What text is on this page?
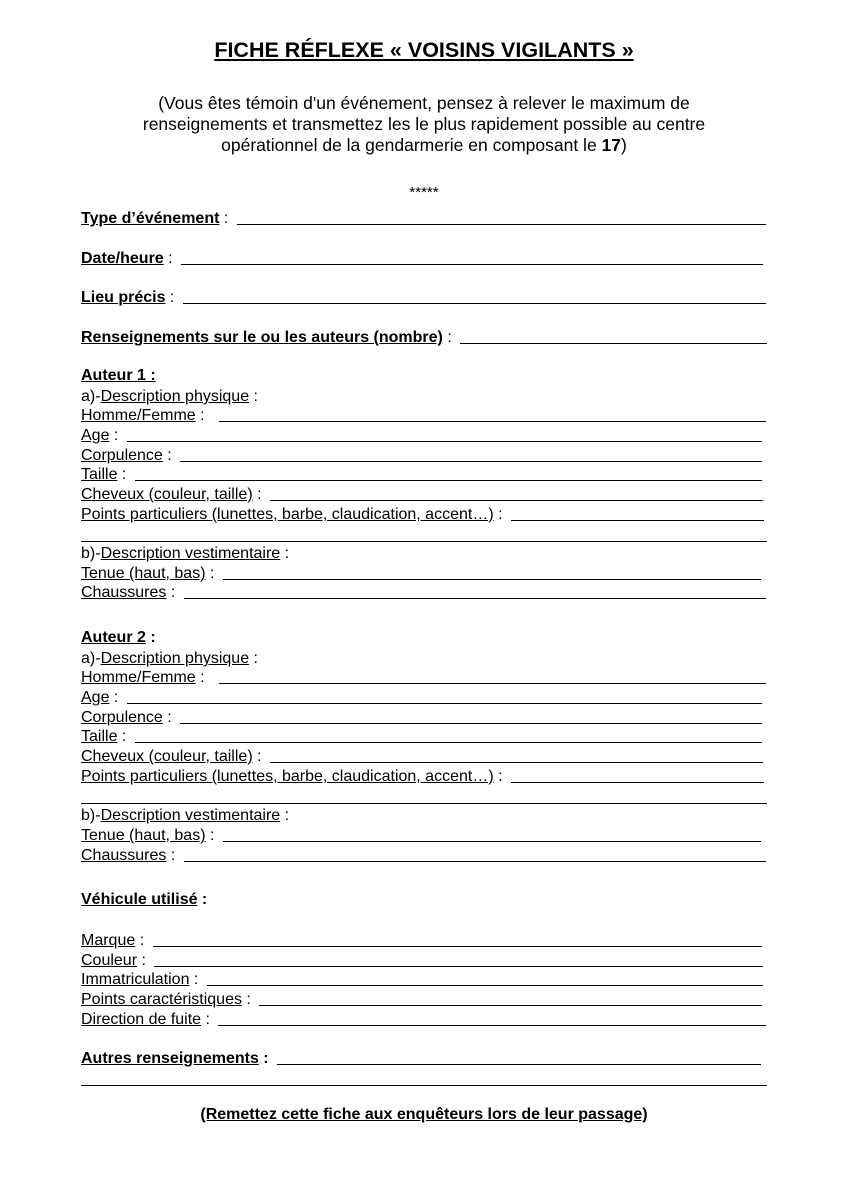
FICHE RÉFLEXE « VOISINS VIGILANTS »
(Vous êtes témoin d'un événement, pensez à relever le maximum de renseignements et transmettez les le plus rapidement possible au centre opérationnel de la gendarmerie en composant le 17)
*****
Type d’événement :
Date/heure :
Lieu précis :
Renseignements sur le ou les auteurs (nombre) :
Auteur 1 :
a)- Description physique :
Homme/Femme :
Age :
Corpulence :
Taille :
Cheveux (couleur, taille) :
Points particuliers (lunettes, barbe, claudication, accent…) :
b)- Description vestimentaire :
Tenue (haut, bas) :
Chaussures :
Auteur 2 :
a)- Description physique :
Homme/Femme :
Age :
Corpulence :
Taille :
Cheveux (couleur, taille) :
Points particuliers (lunettes, barbe, claudication, accent…) :
b)- Description vestimentaire :
Tenue (haut, bas) :
Chaussures :
Véhicule utilisé :
Marque :
Couleur :
Immatriculation :
Points caractéristiques :
Direction de fuite :
Autres renseignements :
(Remettez cette fiche aux enquêteurs lors de leur passage)
